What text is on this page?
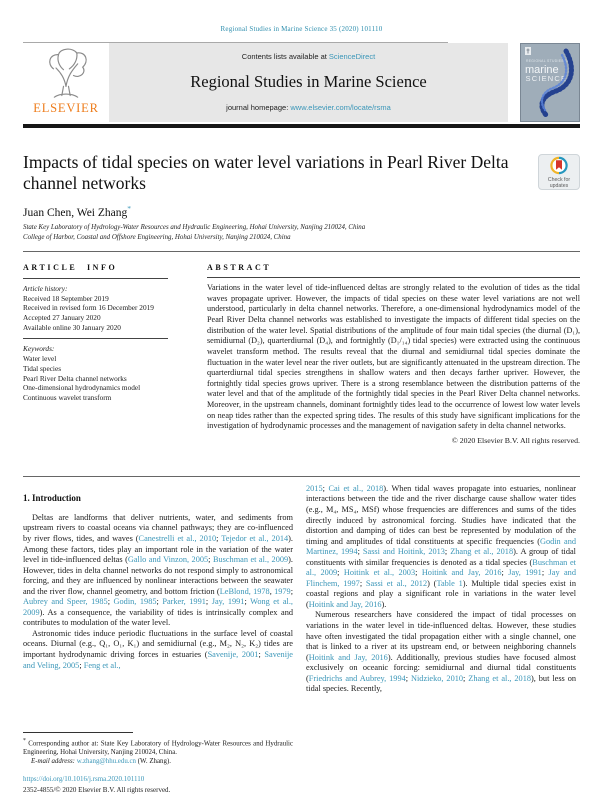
Regional Studies in Marine Science 35 (2020) 101110
ELSEVIER
Contents lists available at ScienceDirect
Regional Studies in Marine Science
journal homepage: www.elsevier.com/locate/rsma
REGIONAL STUDIES IN
marine
SCIENCE
Impacts of tidal species on water level variations in Pearl River Delta channel networks	Check for
updates
Juan Chen, Wei Zhang*
State Key Laboratory of Hydrology-Water Resources and Hydraulic Engineering, Hohai University, Nanjing 210024, China
College of Harbor, Coastal and Offshore Engineering, Hohai University, Nanjing 210024, China
ARTICLE INFO
Article history:
Received 18 September 2019
Received in revised form 16 December 2019
Accepted 27 January 2020
Available online 30 January 2020
Keywords:
Water level
Tidal species
Pearl River Delta channel networks
One-dimensional hydrodynamics model
Continuous wavelet transform
ABSTRACT

Variations in the water level of tide-influenced deltas are strongly related to the evolution of tides as the tidal waves propagate upriver. However, the impacts of tidal species on these water level variations are not well understood, particularly in delta channel networks. Therefore, a one-dimensional hydrodynamics model of the Pearl River Delta channel networks was established to investigate the impacts of different tidal species on the distribution of the water level. Spatial distributions of the amplitude of four main tidal species (the diurnal (D₁), semidiurnal (D₂), quarterdiurnal (D₄), and fortnightly (D₁/₁₄) tidal species) were extracted using the continuous wavelet transform method. The results reveal that the diurnal and semidiurnal tidal species dominate the fluctuation in the water level near the river outlets, but are significantly attenuated in the upstream direction. The quarterdiurnal tidal species strengthens in shallow waters and then decays farther upriver. However, the fortnightly tidal species grows upriver. There is a strong resemblance between the distribution patterns of the water level and that of the amplitude of the fortnightly tidal species in the Pearl River Delta channel networks. Moreover, in the upstream channels, dominant fortnightly tides lead to the occurrence of lowest low water levels on neap tides rather than the expected spring tides. The results of this study have significant implications for the investigation of hydrodynamic processes and the management of navigation safety in delta channel networks.

© 2020 Elsevier B.V. All rights reserved.
1. Introduction

Deltas are landforms that deliver nutrients, water, and sediments from upstream rivers to coastal oceans via channel pathways; they are co-influenced by river flows, tides, and waves (Canestrelli et al., 2010; Tejedor et al., 2014). Among these factors, tides play an important role in the variation of the water level in tide-influenced deltas (Gallo and Vinzon, 2005; Buschman et al., 2009). However, tides in delta channel networks do not respond simply to astronomical forcing, and they are influenced by nonlinear interactions between the seawater and the river flow, channel geometry, and bottom friction (LeBlond, 1978, 1979; Aubrey and Speer, 1985; Godin, 1985; Parker, 1991; Jay, 1991; Wong et al., 2009). As a consequence, the variability of tides is intrinsically complex and contributes to modulation of the water level.

Astronomic tides induce periodic fluctuations in the surface level of coastal oceans. Diurnal (e.g., Q₁, O₁, K₁) and semidiurnal (e.g., M₂, N₂, K₂) tides are important hydrodynamic driving forces in estuaries (Savenije, 2001; Savenije and Veling, 2005; Feng et al.,

* Corresponding author at: State Key Laboratory of Hydrology-Water Resources and Hydraulic Engineering, Hohai University, Nanjing 210024, China.

E-mail address: w.zhang@hhu.edu.cn (W. Zhang).

2015; Cai et al., 2018). When tidal waves propagate into estuaries, nonlinear interactions between the tide and the river discharge cause shallow water tides (e.g., M₄, MS₄, MSf) whose frequencies are differences and sums of the tides directly induced by astronomical forcing. Studies have indicated that the distortion and damping of tides can best be represented by modulation of the timing and amplitudes of tidal constituents at specific frequencies (Godin and Martinez, 1994; Sassi and Hoitink, 2013; Zhang et al., 2018). A group of tidal constituents with similar frequencies is denoted as a tidal species (Buschman et al., 2009; Hoitink et al., 2003; Hoitink and Jay, 2016; Jay, 1991; Jay and Flinchem, 1997; Sassi et al., 2012) (Table 1). Multiple tidal species exist in coastal regions and play a significant role in variations in the water level (Hoitink and Jay, 2016).

Numerous researchers have considered the impact of tidal processes on variations in the water level in tide-influenced deltas. However, these studies have often investigated the tidal propagation either with a single channel, one that is linked to a river at its upstream end, or between neighboring channels (Hoitink and Jay, 2016). Additionally, previous studies have focused almost exclusively on oceanic forcing: semidiurnal and diurnal tidal constituents (Friedrichs and Aubrey, 1994; Nidzieko, 2010; Zhang et al., 2018), but less on tidal species. Recently,

https://doi.org/10.1016/j.rsma.2020.101110
2352-4855/© 2020 Elsevier B.V. All rights reserved.
